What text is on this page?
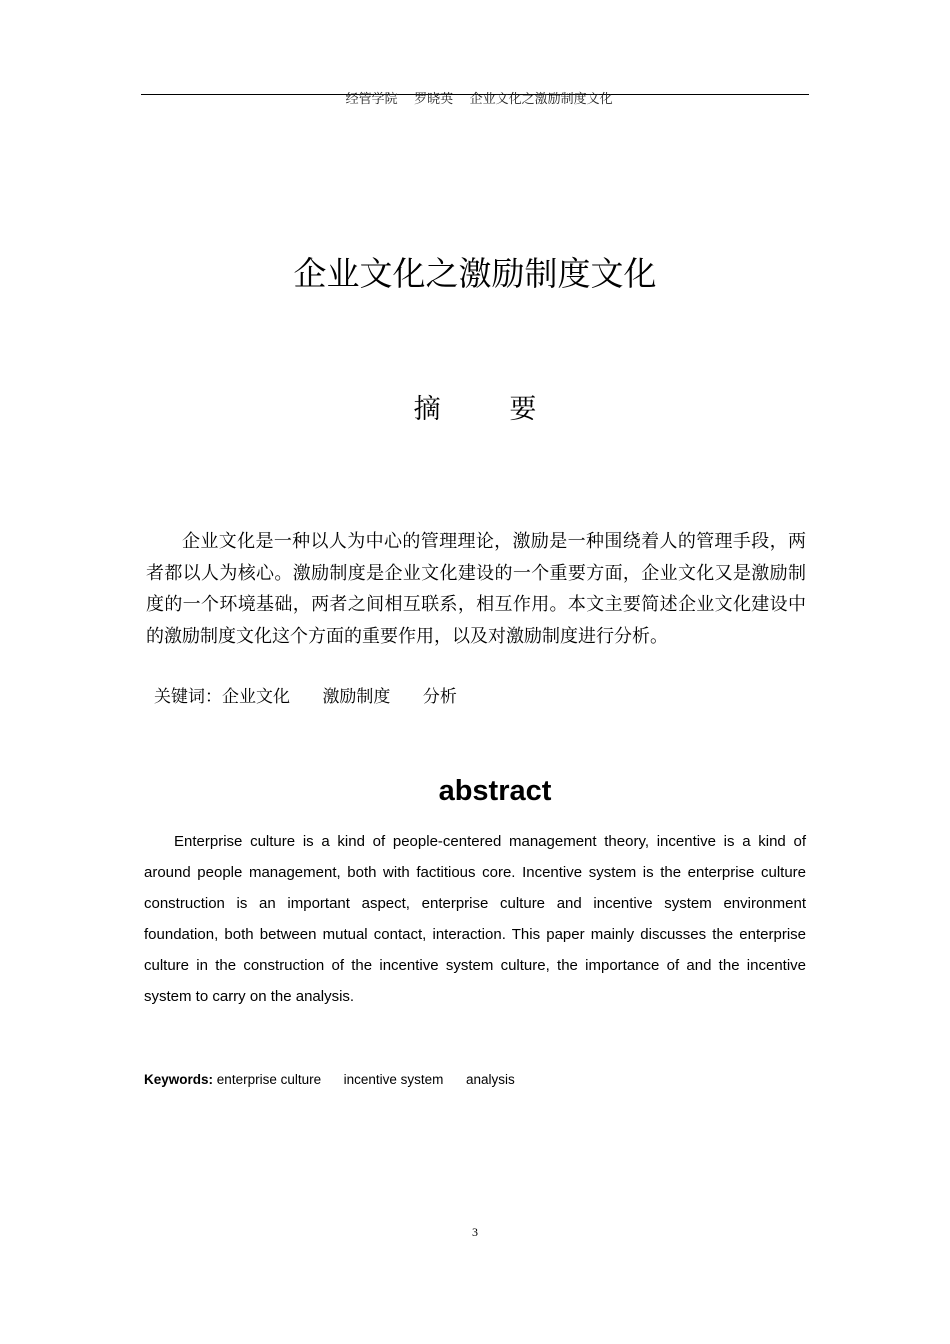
经管学院    罗晓英    企业文化之激励制度文化

企业文化之激励制度文化
摘        要

企业文化是一种以人为中心的管理理论，激励是一种围绕着人的管理手段，两者都以人为核心。激励制度是企业文化建设的一个重要方面，企业文化又是激励制度的一个环境基础，两者之间相互联系，相互作用。本文主要简述企业文化建设中的激励制度文化这个方面的重要作用，以及对激励制度进行分析。

关键词：企业文化 激励制度 分析
abstract

Enterprise culture is a kind of people-centered management theory, incentive is a kind of around people management, both with factitious core. Incentive system is the enterprise culture construction is an important aspect, enterprise culture and incentive system environment foundation, both between mutual contact, interaction. This paper mainly discusses the enterprise culture in the construction of the incentive system culture, the importance of and the incentive system to carry on the analysis.

Keywords: enterprise culture incentive system analysis
3
